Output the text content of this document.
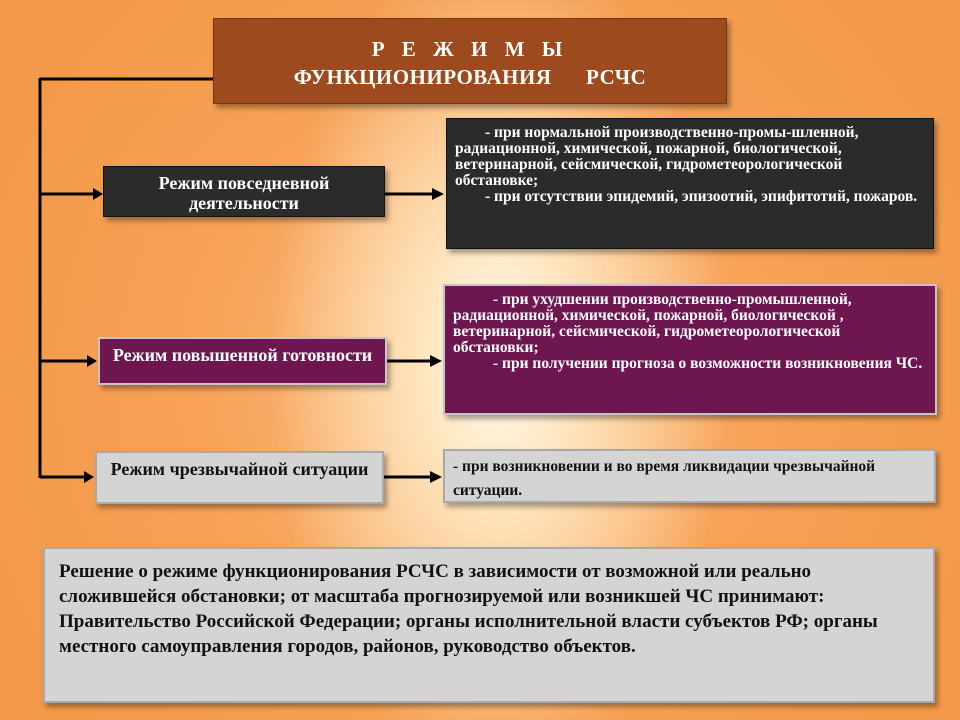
Р Е Ж И М Ы
ФУНКЦИОНИРОВАНИЯ      РСЧС
Режим повседневной деятельности
Режим повышенной готовности
Режим чрезвычайной ситуации

- при нормальной производственно-промы-шленной, радиационной, химической, пожарной, биологической, ветеринарной, сейсмической, гидрометеорологической обстановке;

- при отсутствии эпидемий, эпизоотий, эпифитотий, пожаров.

- при ухудшении производственно-промышленной, радиационной, химической, пожарной, биологической , ветеринарной, сейсмической, гидрометеорологической обстановки;

- при получении прогноза о возможности возникновения ЧС.

- при возникновении и во время ликвидации чрезвычайной ситуации.

Решение о режиме функционирования РСЧС в зависимости от возможной или реально сложившейся обстановки; от масштаба прогнозируемой или возникшей ЧС принимают: Правительство Российской Федерации; органы исполнительной власти субъектов РФ; органы местного самоуправления городов, районов, руководство объектов.
